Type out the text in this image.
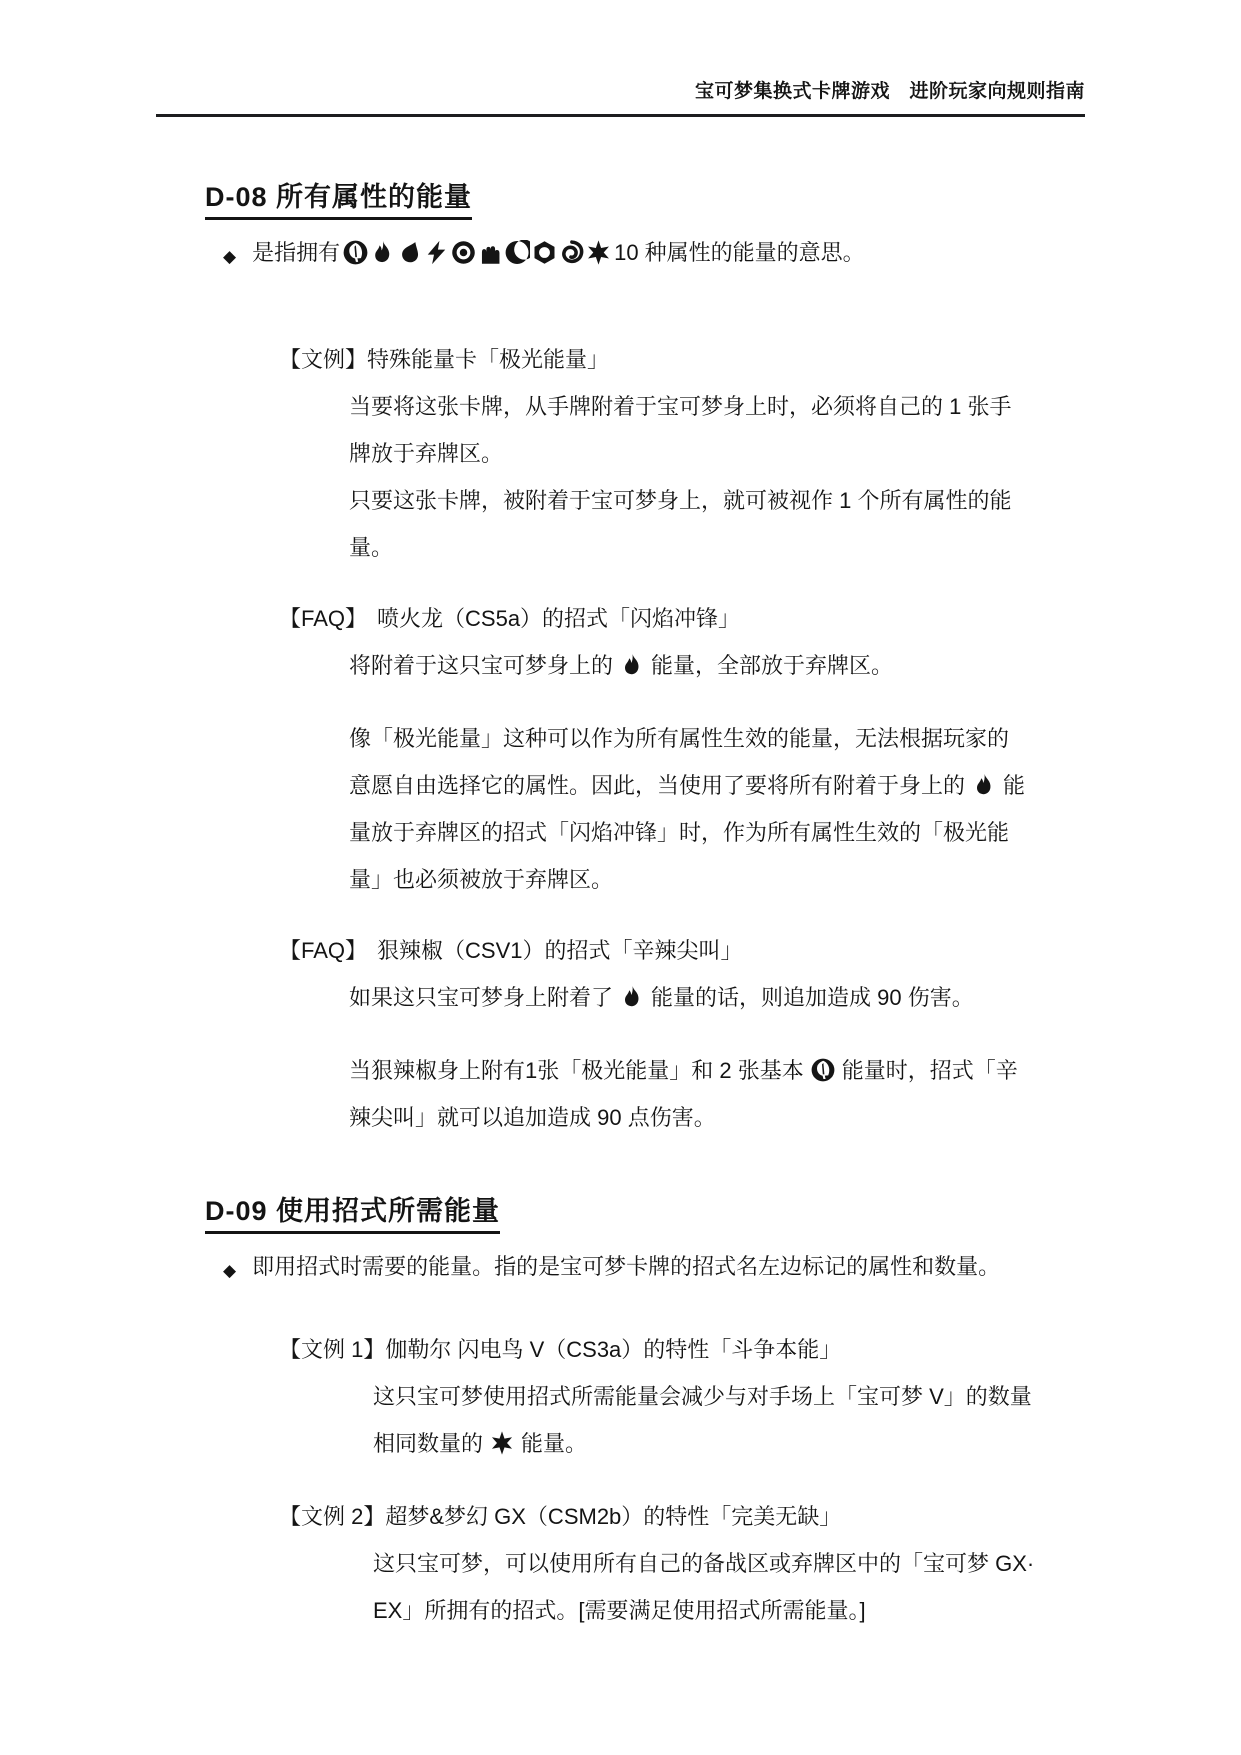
宝可梦集换式卡牌游戏　进阶玩家向规则指南
D-08 所有属性的能量
◆ 是指拥有	10 种属性的能量的意思。
【文例】特殊能量卡「极光能量」
当要将这张卡牌，从手牌附着于宝可梦身上时，必须将自己的 1 张手
牌放于弃牌区。
只要这张卡牌，被附着于宝可梦身上，就可被视作 1 个所有属性的能
量。
【FAQ】 喷火龙（CS5a）的招式「闪焰冲锋」
将附着于这只宝可梦身上的 能量，全部放于弃牌区。
像「极光能量」这种可以作为所有属性生效的能量，无法根据玩家的
意愿自由选择它的属性。因此，当使用了要将所有附着于身上的 能
量放于弃牌区的招式「闪焰冲锋」时，作为所有属性生效的「极光能
量」也必须被放于弃牌区。
【FAQ】 狠辣椒（CSV1）的招式「辛辣尖叫」
如果这只宝可梦身上附着了 能量的话，则追加造成 90 伤害。
当狠辣椒身上附有1张「极光能量」和 2 张基本 能量时，招式「辛
辣尖叫」就可以追加造成 90 点伤害。
D-09 使用招式所需能量
◆ 即用招式时需要的能量。指的是宝可梦卡牌的招式名左边标记的属性和数量。
【文例 1】伽勒尔 闪电鸟 V（CS3a）的特性「斗争本能」
这只宝可梦使用招式所需能量会减少与对手场上「宝可梦 V」的数量
相同数量的 能量。
【文例 2】超梦&梦幻 GX（CSM2b）的特性「完美无缺」
这只宝可梦，可以使用所有自己的备战区或弃牌区中的「宝可梦 GX·
EX」所拥有的招式。[需要满足使用招式所需能量。]
